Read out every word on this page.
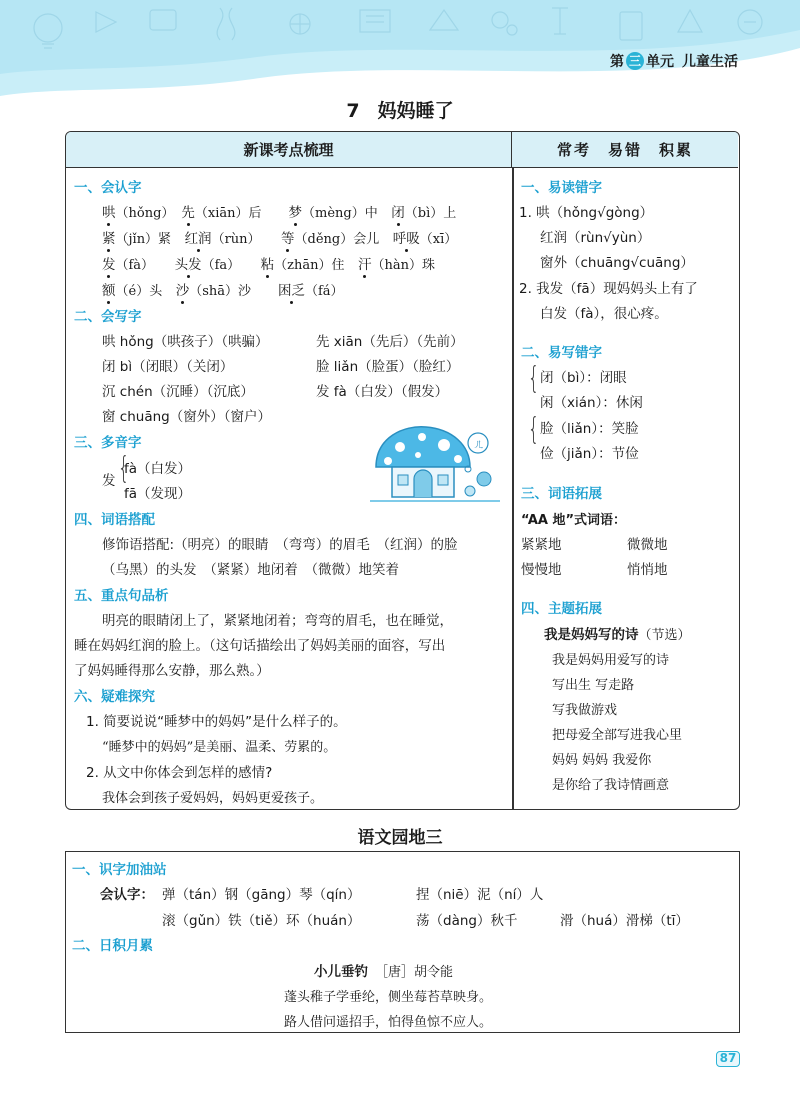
第 三 单元 儿童生活
7 妈妈睡了
新课考点梳理	常考　易错　积累
一、会认字
哄（hǒng）　 先（xiān）后　　 梦（mèng）中　 闭（bì）上
紧（jǐn）紧　 红润（rùn）　　 等（děng）会儿　 呼吸（xī）
发（fà）　　 头发（fa）　　 粘（zhān）住　 汗（hàn）珠
额（é）头　 沙（shā）沙　　 困乏（fá）
二、会写字
哄 hǒng（哄孩子）（哄骗）	先 xiān（先后）（先前）
闭 bì（闭眼）（关闭）	脸 liǎn（脸蛋）（脸红）
沉 chén（沉睡）（沉底）	发 fà（白发）（假发）
窗 chuāng（窗外）（窗户）
三、多音字
发 {
fà（白发）
fā（发现）
四、词语搭配
修饰语搭配:（明亮）的眼睛　（弯弯）的眉毛　（红润）的脸
（乌黑）的头发　（紧紧）地闭着　（微微）地笑着
五、重点句品析
明亮的眼睛闭上了，紧紧地闭着；弯弯的眉毛，也在睡觉，
睡在妈妈红润的脸上。（这句话描绘出了妈妈美丽的面容，写出
了妈妈睡得那么安静，那么熟。）
六、疑难探究
1. 简要说说“睡梦中的妈妈”是什么样子的。
“睡梦中的妈妈”是美丽、温柔、劳累的。
2. 从文中你体会到怎样的感情?
我体会到孩子爱妈妈，妈妈更爱孩子。
一、易读错字
1. 哄（hǒng√gòng）
红润（rùn√yùn）
窗外（chuāng√cuāng）
2. 我发（fā）现妈妈头上有了
白发（fà），很心疼。
二、易写错字
{ 闭（bì）：闭眼
闲（xián）：休闲
{ 脸（liǎn）：笑脸
俭（jiǎn）：节俭
三、词语拓展
“AA 地”式词语：
紧紧地	微微地
慢慢地	悄悄地
四、主题拓展
我是妈妈写的诗（节选）
我是妈妈用爱写的诗
写出生 写走路
写我做游戏
把母爱全部写进我心里
妈妈 妈妈 我爱你
是你给了我诗情画意
ㄦ
语文园地三
一、识字加油站
会认字： 弹（tán）钢（gāng）琴（qín）	捏（niē）泥（ní）人
滚（gǔn）铁（tiě）环（huán）	荡（dàng）秋千	滑（huá）滑梯（tī）
二、日积月累
小儿垂钓　 ［唐］胡令能
蓬头稚子学垂纶，侧坐莓苔草映身。
路人借问遥招手，怕得鱼惊不应人。
87
